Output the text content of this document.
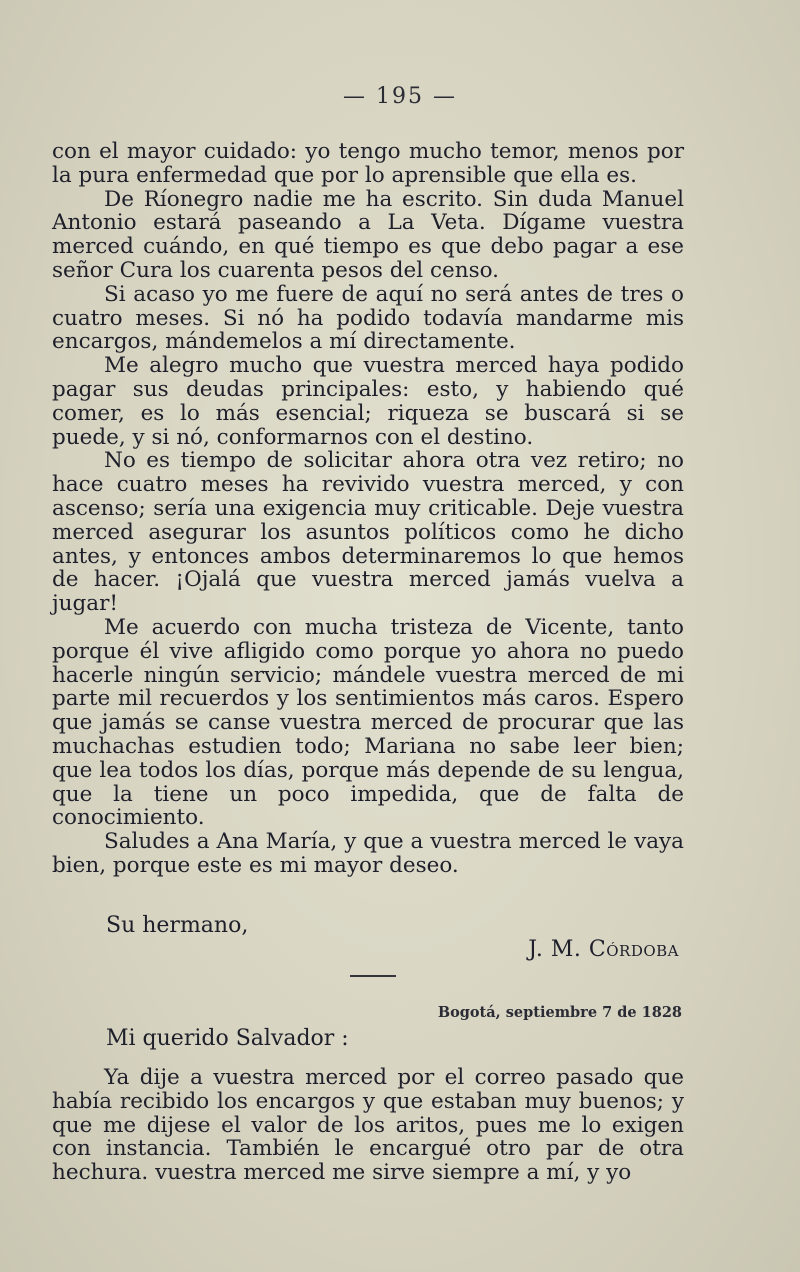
— 195 —

con el mayor cuidado: yo tengo mucho temor, menos por la pura enfermedad que por lo aprensible que ella es.

De Ríonegro nadie me ha escrito. Sin duda Manuel Antonio estará paseando a La Veta. Dígame vuestra merced cuándo, en qué tiempo es que debo pagar a ese señor Cura los cuarenta pesos del censo.

Si acaso yo me fuere de aquí no será antes de tres o cuatro meses. Si nó ha podido todavía mandarme mis encargos, mándemelos a mí directamente.

Me alegro mucho que vuestra merced haya podido pagar sus deudas principales: esto, y habiendo qué comer, es lo más esencial; riqueza se buscará si se puede, y si nó, conformarnos con el destino.

No es tiempo de solicitar ahora otra vez retiro; no hace cuatro meses ha revivido vuestra merced, y con ascenso; sería una exigencia muy criticable. Deje vuestra merced asegurar los asuntos políticos como he dicho antes, y entonces ambos determinaremos lo que hemos de hacer. ¡Ojalá que vuestra merced jamás vuelva a jugar!

Me acuerdo con mucha tristeza de Vicente, tanto porque él vive afligido como porque yo ahora no puedo hacerle ningún servicio; mándele vuestra merced de mi parte mil recuerdos y los sentimientos más caros. Espero que jamás se canse vuestra merced de procurar que las muchachas estudien todo; Mariana no sabe leer bien; que lea todos los días, porque más depende de su lengua, que la tiene un poco impedida, que de falta de conocimiento.

Saludes a Ana María, y que a vuestra merced le vaya bien, porque este es mi mayor deseo.

Su hermano,
J. M. Córdoba
Bogotá, septiembre 7 de 1828
Mi querido Salvador :

Ya dije a vuestra merced por el correo pasado que había recibido los encargos y que estaban muy buenos; y que me dijese el valor de los aritos, pues me lo exigen con instancia. También le encargué otro par de otra hechura. vuestra merced me sirve siempre a mí, y yo
